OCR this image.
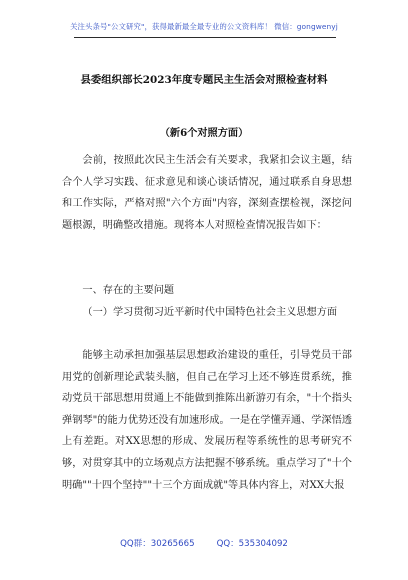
关注头条号"公文研究"，获得最新最全最专业的公文资料库！ 微信：gongwenyj
县委组织部长2023年度专题民主生活会对照检查材料
（新6个对照方面）

会前，按照此次民主生活会有关要求，我紧扣会议主题，结合个人学习实践、征求意见和谈心谈话情况，通过联系自身思想和工作实际，严格对照"六个方面"内容，深刻查摆检视，深挖问题根源，明确整改措施。现将本人对照检查情况报告如下：

一、存在的主要问题

（一）学习贯彻习近平新时代中国特色社会主义思想方面

能够主动承担加强基层思想政治建设的重任，引导党员干部用党的创新理论武装头脑，但自己在学习上还不够连贯系统，推动党员干部思想用贯通上不能做到推陈出新游刃有余，"十个指头弹钢琴"的能力优势还没有加速形成。一是在学懂弄通、学深悟透上有差距。对XX思想的形成、发展历程等系统性的思考研究不够，对贯穿其中的立场观点方法把握不够系统。重点学习了"十个明确""十四个坚持""十三个方面成就"等具体内容上，对XX大报

QQ群：30265665	QQ：535304092
